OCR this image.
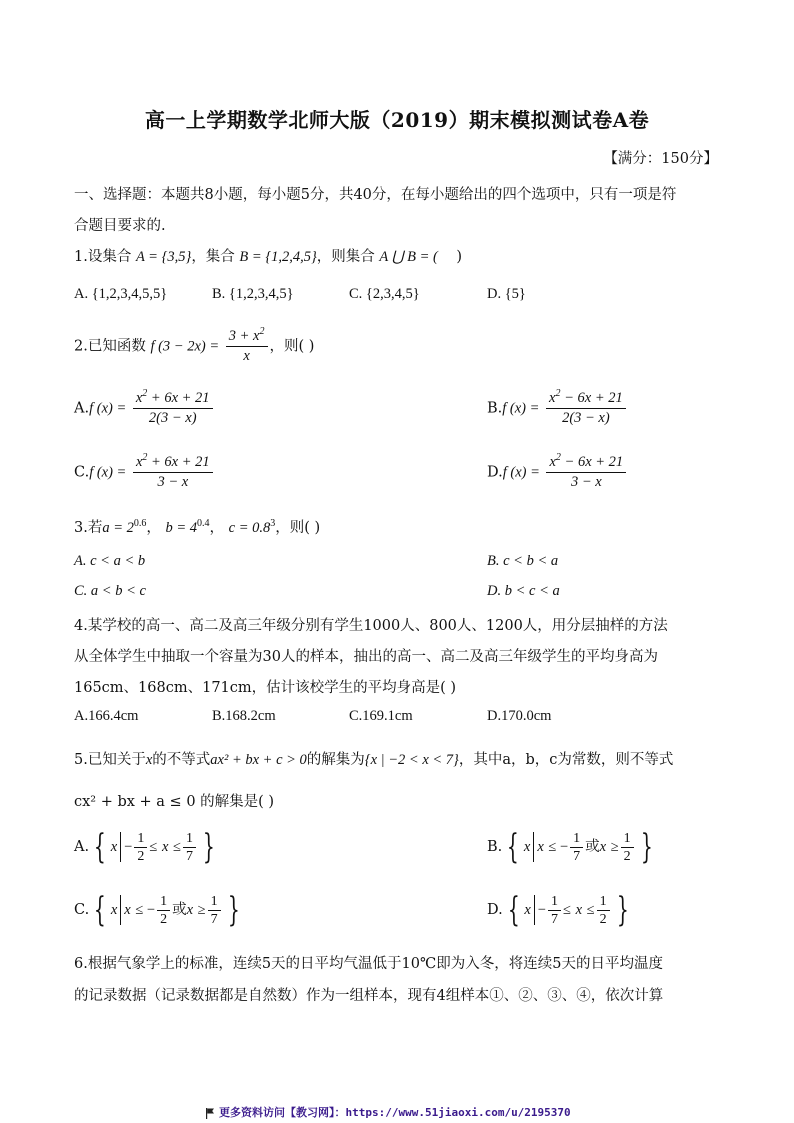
高一上学期数学北师大版（2019）期末模拟测试卷A卷
【满分：150分】
一、选择题：本题共8小题，每小题5分，共40分，在每小题给出的四个选项中，只有一项是符
合题目要求的.
1.设集合 A = {3,5}，集合 B = {1,2,4,5}，则集合 A ⋃ B = ( )
A. {1,2,3,4,5,5}	B. {1,2,3,4,5}	C. {2,3,4,5}	D. {5}
2.已知函数 f $(3 - 2x) = \frac{3 + x^2}{x}$ ，则( )
A.f $(x) = \frac{x^2 + 6x + 21}{2(3 - x)}$	B.f $(x) = \frac{x^2 - 6x + 21}{2(3 - x)}$
C.f $(x) = \frac{x^2 + 6x + 21}{3 - x}$	D.f $(x) = \frac{x^2 - 6x + 21}{3 - x}$
3.若$a = 2^{0.6}$， $b = 4^{0.4}$， $c = 0.8^3$，则( )
A. c < a < b	B. c < b < a
C. a < b < c	D. b < c < a
4.某学校的高一、高二及高三年级分别有学生1000人、800人、1200人，用分层抽样的方法
从全体学生中抽取一个容量为30人的样本，抽出的高一、高二及高三年级学生的平均身高为
165cm、168cm、171cm，估计该校学生的平均身高是( )
A.166.4cm	B.168.2cm	C.169.1cm	D.170.0cm
5.已知关于x的不等式ax² + bx + c > 0的解集为{x | −2 < x < 7}，其中a，b，c为常数，则不等式
cx² + bx + a ≤ 0 的解集是( )
A. { $x - \frac{1}{2} \le x \le \frac{1}{7}$ }	B. { x x ≤ − $\frac{1}{7}$ 或$x \ge \frac{1}{2}$ }
C. { x x ≤ − $\frac{1}{2}$ 或$x \ge \frac{1}{7}$ }	D. { $x - \frac{1}{7} \le x \le \frac{1}{2}$ }
6.根据气象学上的标准，连续5天的日平均气温低于10℃即为入冬，将连续5天的日平均温度
的记录数据（记录数据都是自然数）作为一组样本，现有4组样本①、②、③、④，依次计算
更多资料访问【教习网】：https://www.51jiaoxi.com/u/2195370
